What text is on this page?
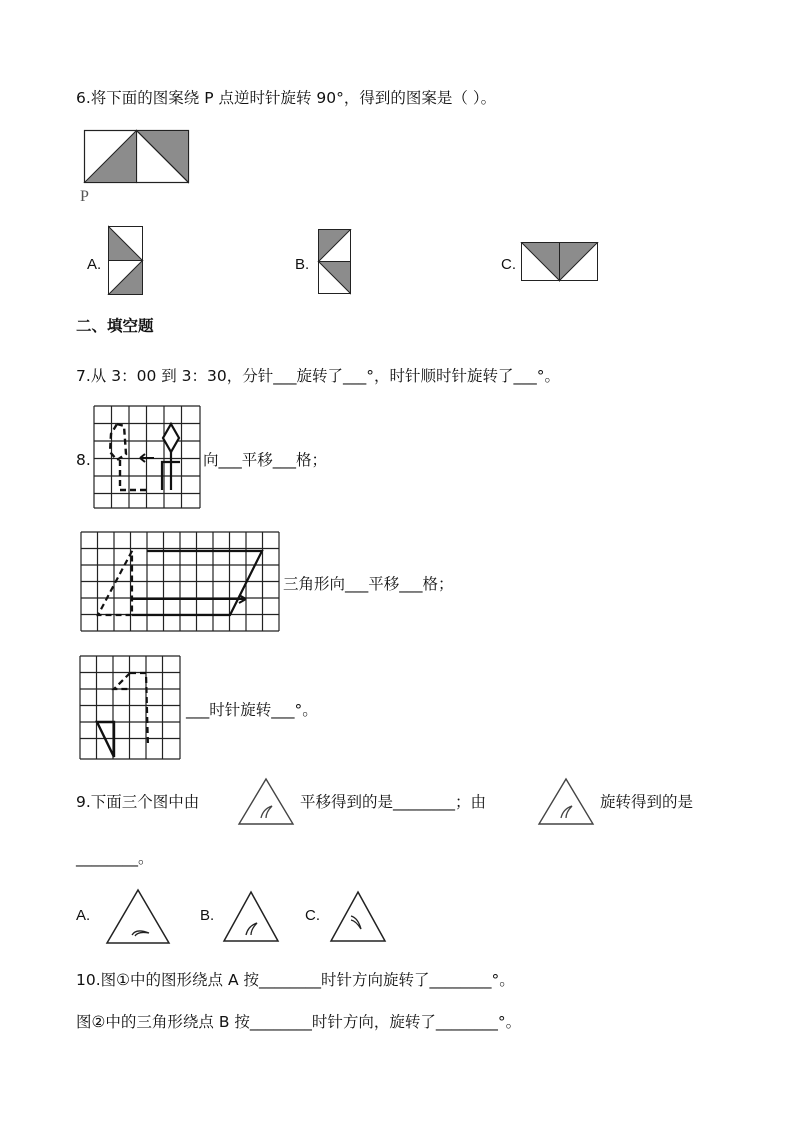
6.将下面的图案绕 P 点逆时针旋转 90°，得到的图案是（ ）。
P
A.	B.	C.
二、填空题
7.从 3：00 到 3：30，分针___旋转了___°，时针顺时针旋转了___°。
8.	向___平移___格；
三角形向___平移___格；
___时针旋转___°。
9.下面三个图中由	平移得到的是________；由	旋转得到的是
________。
A.	B.	C.
10.图①中的图形绕点 A 按________时针方向旋转了________°。
图②中的三角形绕点 B 按________时针方向，旋转了________°。
